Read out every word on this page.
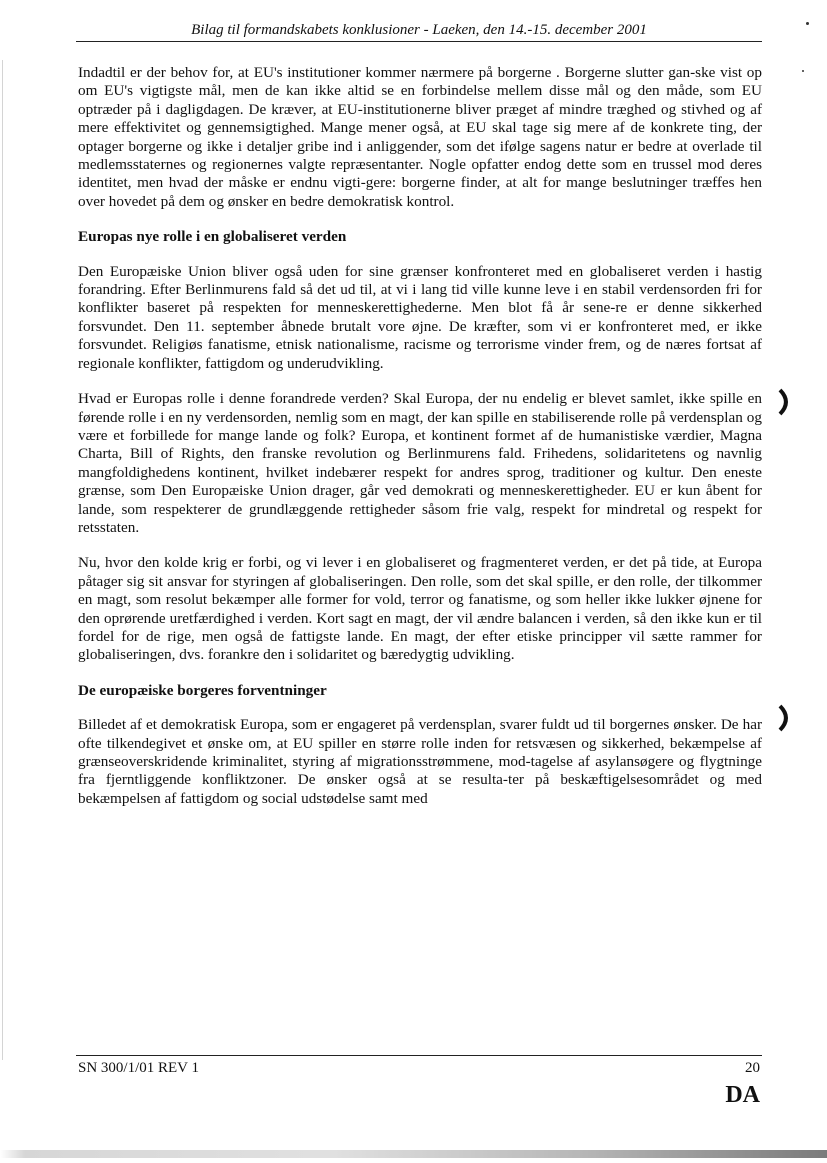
Bilag til formandskabets konklusioner - Laeken, den 14.-15. december 2001

Indadtil er der behov for, at EU's institutioner kommer nærmere på borgerne . Borgerne slutter gan-ske vist op om EU's vigtigste mål, men de kan ikke altid se en forbindelse mellem disse mål og den måde, som EU optræder på i dagligdagen. De kræver, at EU-institutionerne bliver præget af mindre træghed og stivhed og af mere effektivitet og gennemsigtighed. Mange mener også, at EU skal tage sig mere af de konkrete ting, der optager borgerne og ikke i detaljer gribe ind i anliggender, som det ifølge sagens natur er bedre at overlade til medlemsstaternes og regionernes valgte repræsentanter. Nogle opfatter endog dette som en trussel mod deres identitet, men hvad der måske er endnu vigti-gere: borgerne finder, at alt for mange beslutninger træffes hen over hovedet på dem og ønsker en bedre demokratisk kontrol.

Europas nye rolle i en globaliseret verden

Den Europæiske Union bliver også uden for sine grænser konfronteret med en globaliseret verden i hastig forandring. Efter Berlinmurens fald så det ud til, at vi i lang tid ville kunne leve i en stabil verdensorden fri for konflikter baseret på respekten for menneskerettighederne. Men blot få år sene-re er denne sikkerhed forsvundet. Den 11. september åbnede brutalt vore øjne. De kræfter, som vi er konfronteret med, er ikke forsvundet. Religiøs fanatisme, etnisk nationalisme, racisme og terrorisme vinder frem, og de næres fortsat af regionale konflikter, fattigdom og underudvikling.

Hvad er Europas rolle i denne forandrede verden? Skal Europa, der nu endelig er blevet samlet, ikke spille en førende rolle i en ny verdensorden, nemlig som en magt, der kan spille en stabiliserende rolle på verdensplan og være et forbillede for mange lande og folk? Europa, et kontinent formet af de humanistiske værdier, Magna Charta, Bill of Rights, den franske revolution og Berlinmurens fald. Frihedens, solidaritetens og navnlig mangfoldighedens kontinent, hvilket indebærer respekt for andres sprog, traditioner og kultur. Den eneste grænse, som Den Europæiske Union drager, går ved demokrati og menneskerettigheder. EU er kun åbent for lande, som respekterer de grundlæggende rettigheder såsom frie valg, respekt for mindretal og respekt for retsstaten.

Nu, hvor den kolde krig er forbi, og vi lever i en globaliseret og fragmenteret verden, er det på tide, at Europa påtager sig sit ansvar for styringen af globaliseringen. Den rolle, som det skal spille, er den rolle, der tilkommer en magt, som resolut bekæmper alle former for vold, terror og fanatisme, og som heller ikke lukker øjnene for den oprørende uretfærdighed i verden. Kort sagt en magt, der vil ændre balancen i verden, så den ikke kun er til fordel for de rige, men også de fattigste lande. En magt, der efter etiske principper vil sætte rammer for globaliseringen, dvs. forankre den i solidaritet og bæredygtig udvikling.

De europæiske borgeres forventninger

Billedet af et demokratisk Europa, som er engageret på verdensplan, svarer fuldt ud til borgernes ønsker. De har ofte tilkendegivet et ønske om, at EU spiller en større rolle inden for retsvæsen og sikkerhed, bekæmpelse af grænseoverskridende kriminalitet, styring af migrationsstrømmene, mod-tagelse af asylansøgere og flygtninge fra fjerntliggende konfliktzoner. De ønsker også at se resulta-ter på beskæftigelsesområdet og med bekæmpelsen af fattigdom og social udstødelse samt med

SN 300/1/01 REV 1	20
DA
